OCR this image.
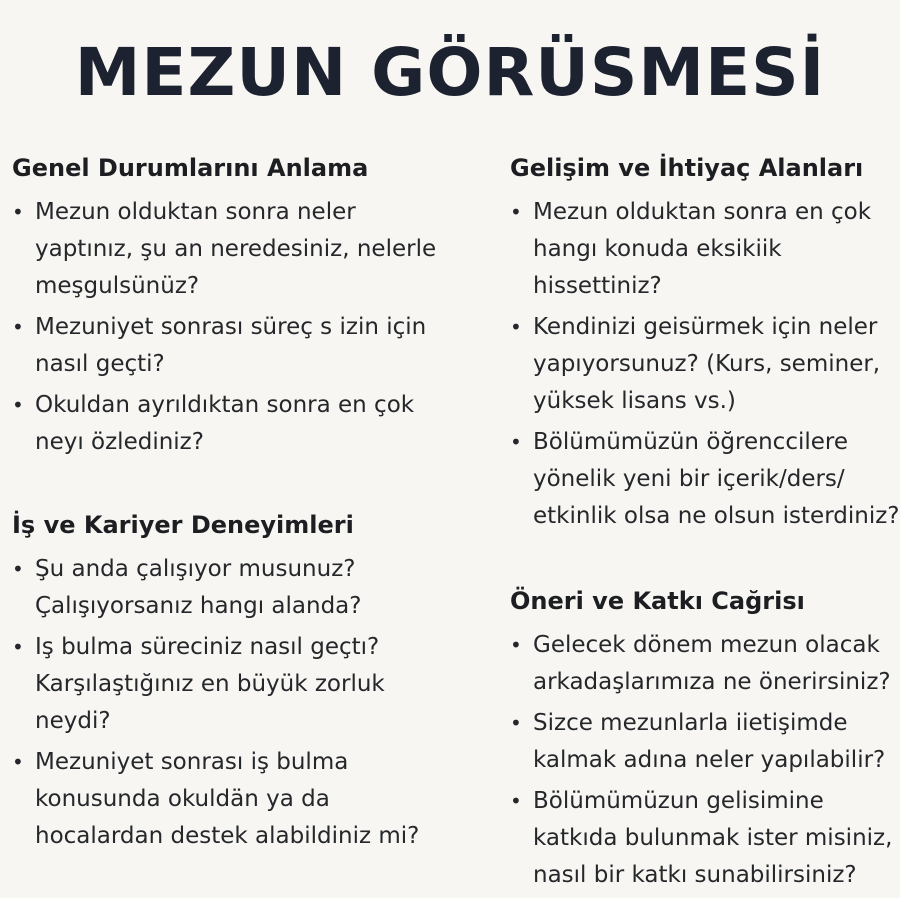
MEZUN GÖRÜSMESİ
Genel Durumlarını Anlama
• Mezun olduktan sonra neler yaptınız, şu an neredesiniz, nelerle meşgulsünüz?
• Mezuniyet sonrası süreç s izin için nasıl geçti?
• Okuldan ayrıldıktan sonra en çok neyı özlediniz?
İş ve Kariyer Deneyimleri
• Şu anda çalışıyor musunuz? Çalışıyorsanız hangı alanda?
• Iş bulma süreciniz nasıl geçtı? Karşılaştığınız en büyük zorluk neydi?
• Mezuniyet sonrası iş bulma konusunda okuldän ya da hocalardan destek alabildiniz mi?
Gelişim ve İhtiyaç Alanları
• Mezun olduktan sonra en çok hangı konuda eksikiik hissettiniz?
• Kendinizi geisürmek için neler yapıyorsunuz? (Kurs, seminer, yüksek lisans vs.)
• Bölümümüzün öğrenccilere yönelik yeni bir içerik/ders/ etkinlik olsa ne olsun isterdiniz?
Öneri ve Katkı Cağrisı
• Gelecek dönem mezun olacak arkadaşlarımıza ne önerirsiniz?
• Sizce mezunlarla iietişimde kalmak adına neler yapılabilir?
• Bölümümüzun gelisimine katkıda bulunmak ister misiniz, nasıl bir katkı sunabilirsiniz?
